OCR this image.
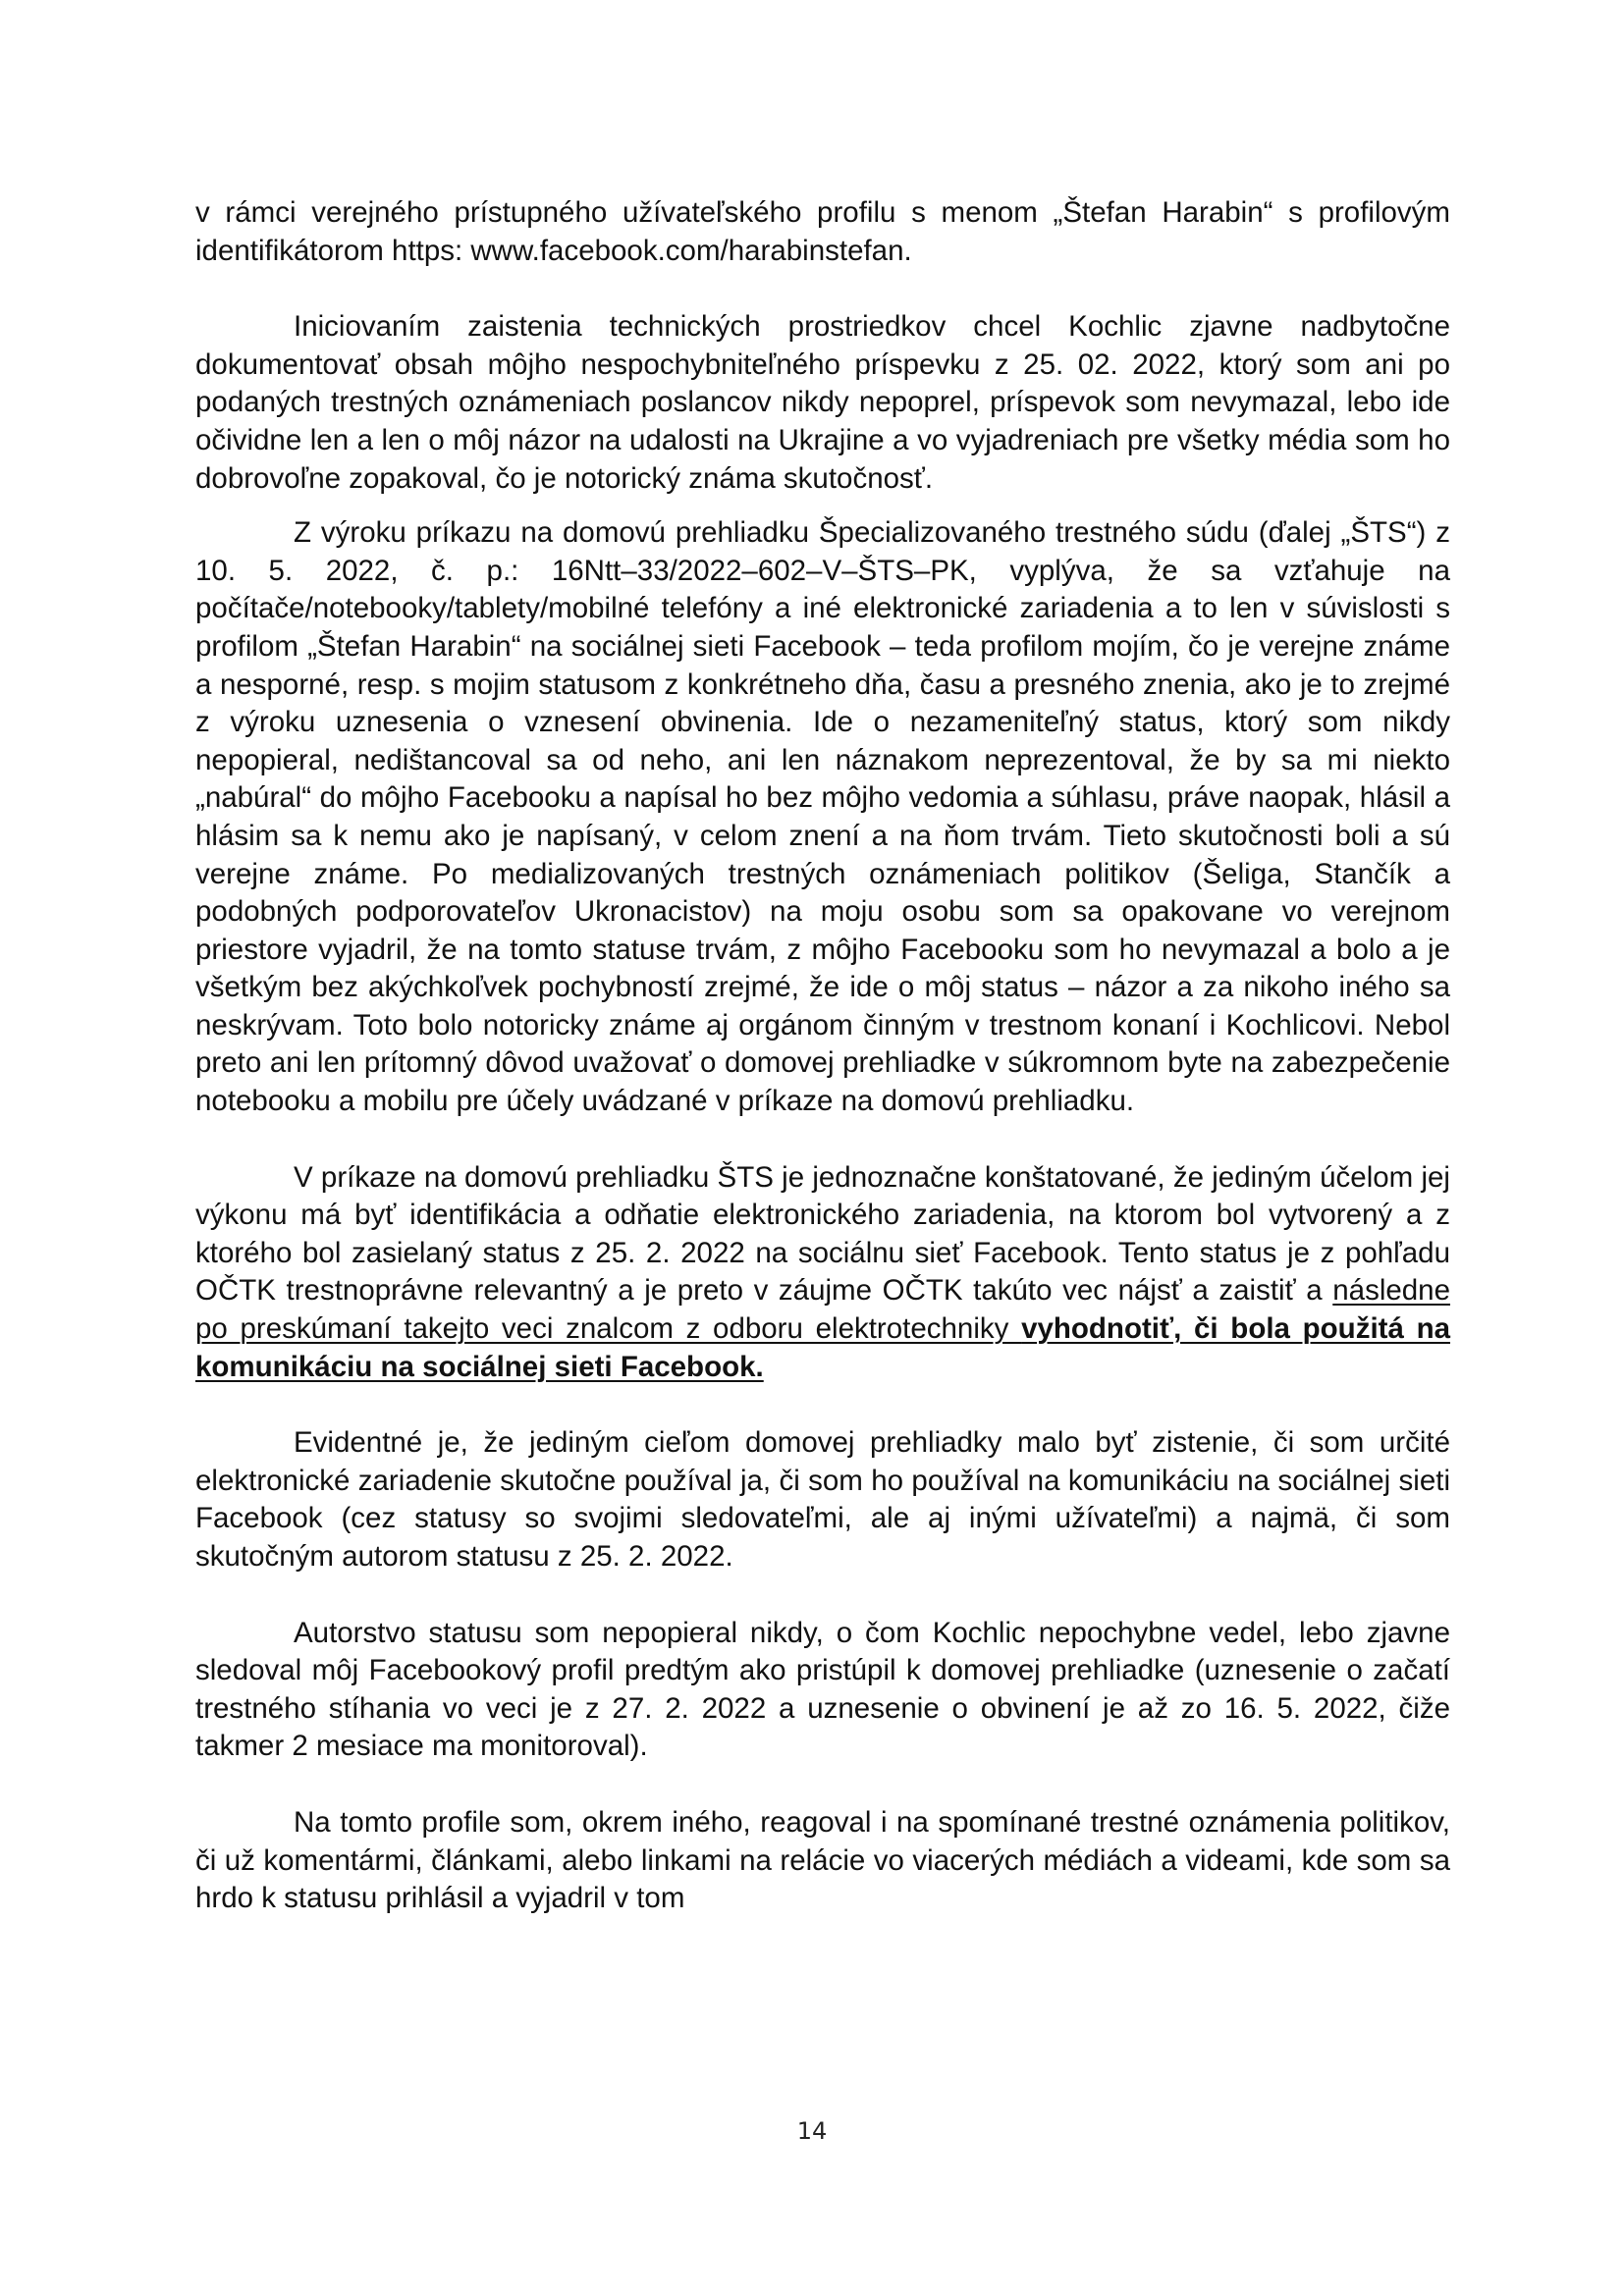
v rámci verejného prístupného užívateľského profilu s menom „Štefan Harabin“ s profilovým identifikátorom https: www.facebook.com/harabinstefan.

Iniciovaním zaistenia technických prostriedkov chcel Kochlic zjavne nadbytočne dokumentovať obsah môjho nespochybniteľného príspevku z 25. 02. 2022, ktorý som ani po podaných trestných oznámeniach poslancov nikdy nepoprel, príspevok som nevymazal, lebo ide očividne len a len o môj názor na udalosti na Ukrajine a vo vyjadreniach pre všetky média som ho dobrovoľne zopakoval, čo je notorický známa skutočnosť.

Z výroku príkazu na domovú prehliadku Špecializovaného trestného súdu (ďalej „ŠTS“) z 10. 5. 2022, č. p.: 16Ntt–33/2022–602–V–ŠTS–PK, vyplýva, že sa vzťahuje na počítače/notebooky/tablety/mobilné telefóny a iné elektronické zariadenia a to len v súvislosti s profilom „Štefan Harabin“ na sociálnej sieti Facebook – teda profilom mojím, čo je verejne známe a nesporné, resp. s mojim statusom z konkrétneho dňa, času a presného znenia, ako je to zrejmé z výroku uznesenia o vznesení obvinenia. Ide o nezameniteľný status, ktorý som nikdy nepopieral, nedištancoval sa od neho, ani len náznakom neprezentoval, že by sa mi niekto „nabúral“ do môjho Facebooku a napísal ho bez môjho vedomia a súhlasu, práve naopak, hlásil a hlásim sa k nemu ako je napísaný, v celom znení a na ňom trvám. Tieto skutočnosti boli a sú verejne známe. Po medializovaných trestných oznámeniach politikov (Šeliga, Stančík a podobných podporovateľov Ukronacistov) na moju osobu som sa opakovane vo verejnom priestore vyjadril, že na tomto statuse trvám, z môjho Facebooku som ho nevymazal a bolo a je všetkým bez akýchkoľvek pochybností zrejmé, že ide o môj status – názor a za nikoho iného sa neskrývam. Toto bolo notoricky známe aj orgánom činným v trestnom konaní i Kochlicovi. Nebol preto ani len prítomný dôvod uvažovať o domovej prehliadke v súkromnom byte na zabezpečenie notebooku a mobilu pre účely uvádzané v príkaze na domovú prehliadku.

V príkaze na domovú prehliadku ŠTS je jednoznačne konštatované, že jediným účelom jej výkonu má byť identifikácia a odňatie elektronického zariadenia, na ktorom bol vytvorený a z ktorého bol zasielaný status z 25. 2. 2022 na sociálnu sieť Facebook. Tento status je z pohľadu OČTK trestnoprávne relevantný a je preto v záujme OČTK takúto vec nájsť a zaistiť a následne po preskúmaní takejto veci znalcom z odboru elektrotechniky vyhodnotiť, či bola použitá na komunikáciu na sociálnej sieti Facebook.

Evidentné je, že jediným cieľom domovej prehliadky malo byť zistenie, či som určité elektronické zariadenie skutočne používal ja, či som ho používal na komunikáciu na sociálnej sieti Facebook (cez statusy so svojimi sledovateľmi, ale aj inými užívateľmi) a najmä, či som skutočným autorom statusu z 25. 2. 2022.

Autorstvo statusu som nepopieral nikdy, o čom Kochlic nepochybne vedel, lebo zjavne sledoval môj Facebookový profil predtým ako pristúpil k domovej prehliadke (uznesenie o začatí trestného stíhania vo veci je z 27. 2. 2022 a uznesenie o obvinení je až zo 16. 5. 2022, čiže takmer 2 mesiace ma monitoroval).

Na tomto profile som, okrem iného, reagoval i na spomínané trestné oznámenia politikov, či už komentármi, článkami, alebo linkami na relácie vo viacerých médiách a videami, kde som sa hrdo k statusu prihlásil a vyjadril v tom

14
